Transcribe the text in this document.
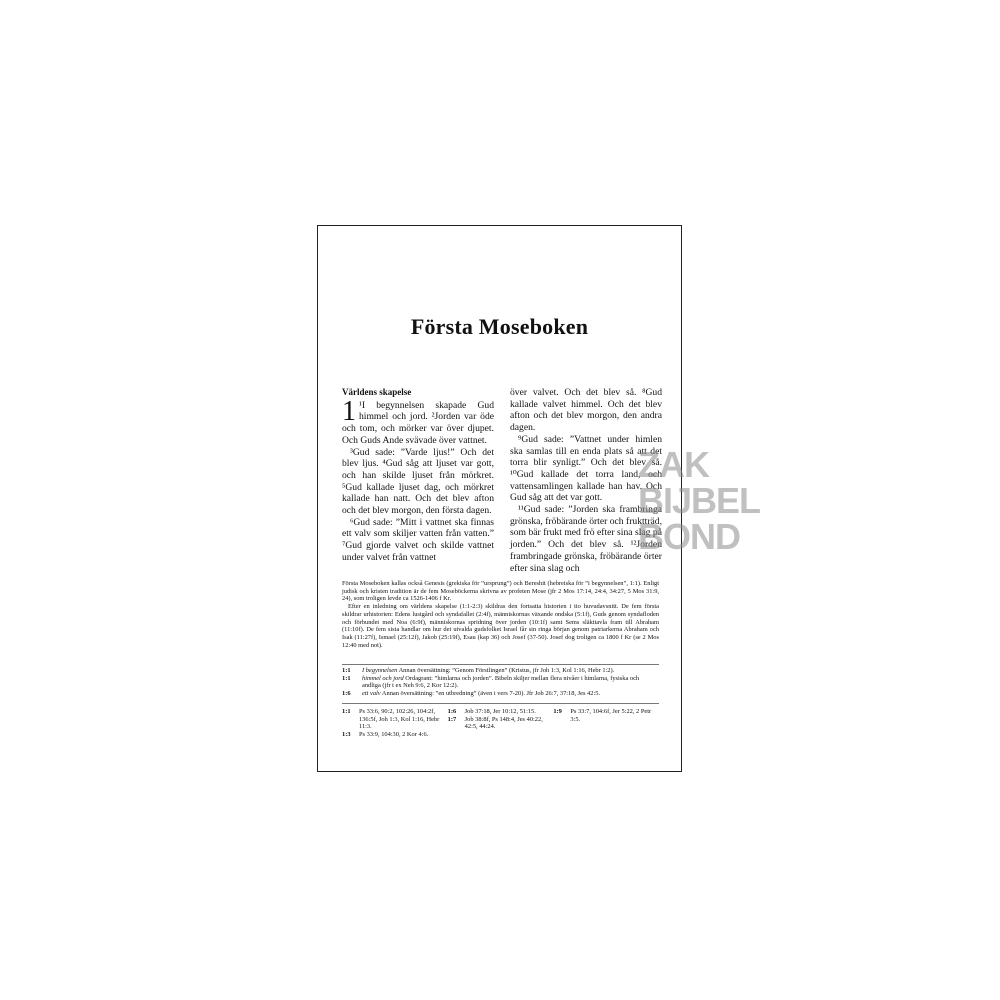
Första Moseboken
Världens skapelse

1 ¹I begynnelsen skapade Gud himmel och jord. ²Jorden var öde och tom, och mörker var över djupet. Och Guds Ande svävade över vattnet.

³Gud sade: ”Varde ljus!” Och det blev ljus. ⁴Gud såg att ljuset var gott, och han skilde ljuset från mörkret. ⁵Gud kallade ljuset dag, och mörkret kallade han natt. Och det blev afton och det blev morgon, den första dagen.

⁶Gud sade: ”Mitt i vattnet ska finnas ett valv som skiljer vatten från vatten.” ⁷Gud gjorde valvet och skilde vattnet under valvet från vattnet

över valvet. Och det blev så. ⁸Gud kallade valvet himmel. Och det blev afton och det blev morgon, den andra dagen.

⁹Gud sade: ”Vattnet under himlen ska samlas till en enda plats så att det torra blir synligt.” Och det blev så. ¹⁰Gud kallade det torra land, och vattensamlingen kallade han hav. Och Gud såg att det var gott.

¹¹Gud sade: ”Jorden ska frambringa grönska, fröbärande örter och fruktträd, som bär frukt med frö efter sina slag på jorden.” Och det blev så. ¹²Jorden frambringade grönska, fröbärande örter efter sina slag och

Första Moseboken kallas också Genesis (grekiska för ”ursprung”) och Bereshit (hebreiska för ”i begynnelsen”, 1:1). Enligt judisk och kristen tradition är de fem Moseböckerna skrivna av profeten Mose (jfr 2 Mos 17:14, 24:4, 34:27, 5 Mos 31:9, 24), som troligen levde ca 1526-1406 f Kr.

Efter en inledning om världens skapelse (1:1-2:3) skildras den fortsatta historien i tio huvudavsnitt. De fem första skildrar urhistorien: Edens lustgård och syndafallet (2:4f), människornas växande ondska (5:1f), Guds genom syndafloden och förbundet med Noa (6:9f), människornas spridning över jorden (10:1f) samt Sems släkttavla fram till Abraham (11:10f). De fem sista handlar om hur det utvalda gudsfolket Israel får sin ringa början genom patriarkerna Abraham och Isak (11:27f), Ismael (25:12f), Jakob (25:19f), Esau (kap 36) och Josef (37-50). Josef dog troligen ca 1800 f Kr (se 2 Mos 12:40 med not).

1:1	I begynnelsen Annan översättning: ”Genom Förstlingen” (Kristus, jfr Joh 1:3, Kol 1:16, Hebr 1:2).
1:1	himmel och jord Ordagrant: ”himlarna och jorden”. Bibeln skiljer mellan flera nivåer i himlarna, fysiska och andliga (jfr t ex Neh 9:6, 2 Kor 12:2).
1:6	ett valv Annan översättning: ”en utbredning” (även i vers 7-20). Jfr Job 26:7, 37:18, Jes 42:5.
1:1	Ps 33:6, 90:2, 102:26, 104:2f, 136:5f, Joh 1:3, Kol 1:16, Hebr 11:3.
1:3	Ps 33:9, 104:30, 2 Kor 4:6.
1:6	Job 37:18, Jer 10:12, 51:15.
1:7	Job 38:8f, Ps 148:4, Jes 40:22, 42:5, 44:24.
1:9	Ps 33:7, 104:6f, Jer 5:22, 2 Petr 3:5.
ZAK
BIJBEL
BOND
